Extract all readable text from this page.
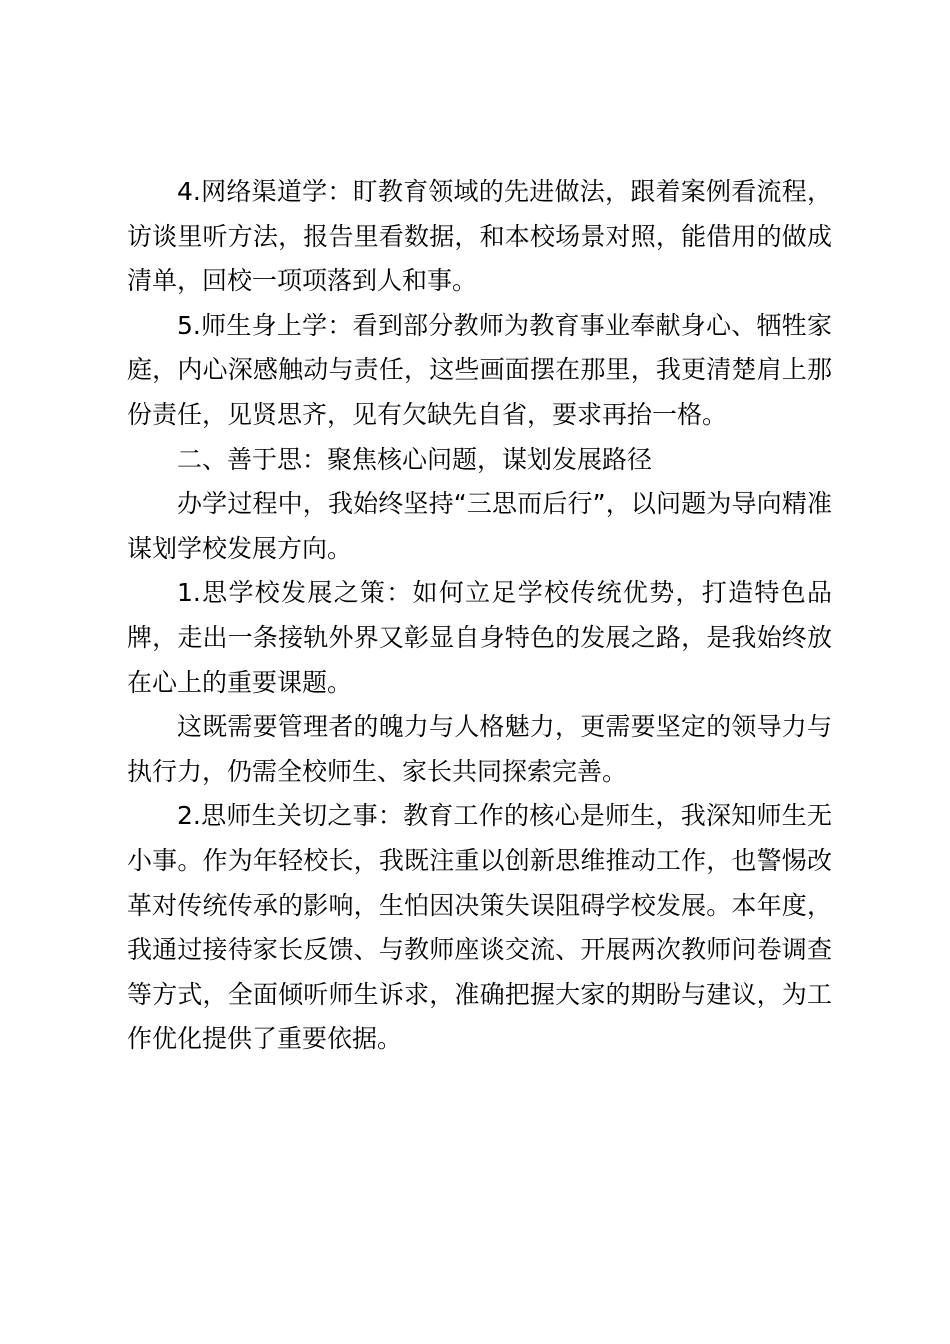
4.网络渠道学：盯教育领域的先进做法，跟着案例看流程，访谈里听方法，报告里看数据，和本校场景对照，能借用的做成清单，回校一项项落到人和事。

5.师生身上学：看到部分教师为教育事业奉献身心、牺牲家庭，内心深感触动与责任，这些画面摆在那里，我更清楚肩上那份责任，见贤思齐，见有欠缺先自省，要求再抬一格。

二、善于思：聚焦核心问题，谋划发展路径

办学过程中，我始终坚持“三思而后行”，以问题为导向精准谋划学校发展方向。

1.思学校发展之策：如何立足学校传统优势，打造特色品牌，走出一条接轨外界又彰显自身特色的发展之路，是我始终放在心上的重要课题。

这既需要管理者的魄力与人格魅力，更需要坚定的领导力与执行力，仍需全校师生、家长共同探索完善。

2.思师生关切之事：教育工作的核心是师生，我深知师生无小事。作为年轻校长，我既注重以创新思维推动工作，也警惕改革对传统传承的影响，生怕因决策失误阻碍学校发展。本年度，我通过接待家长反馈、与教师座谈交流、开展两次教师问卷调查等方式，全面倾听师生诉求，准确把握大家的期盼与建议，为工作优化提供了重要依据。
